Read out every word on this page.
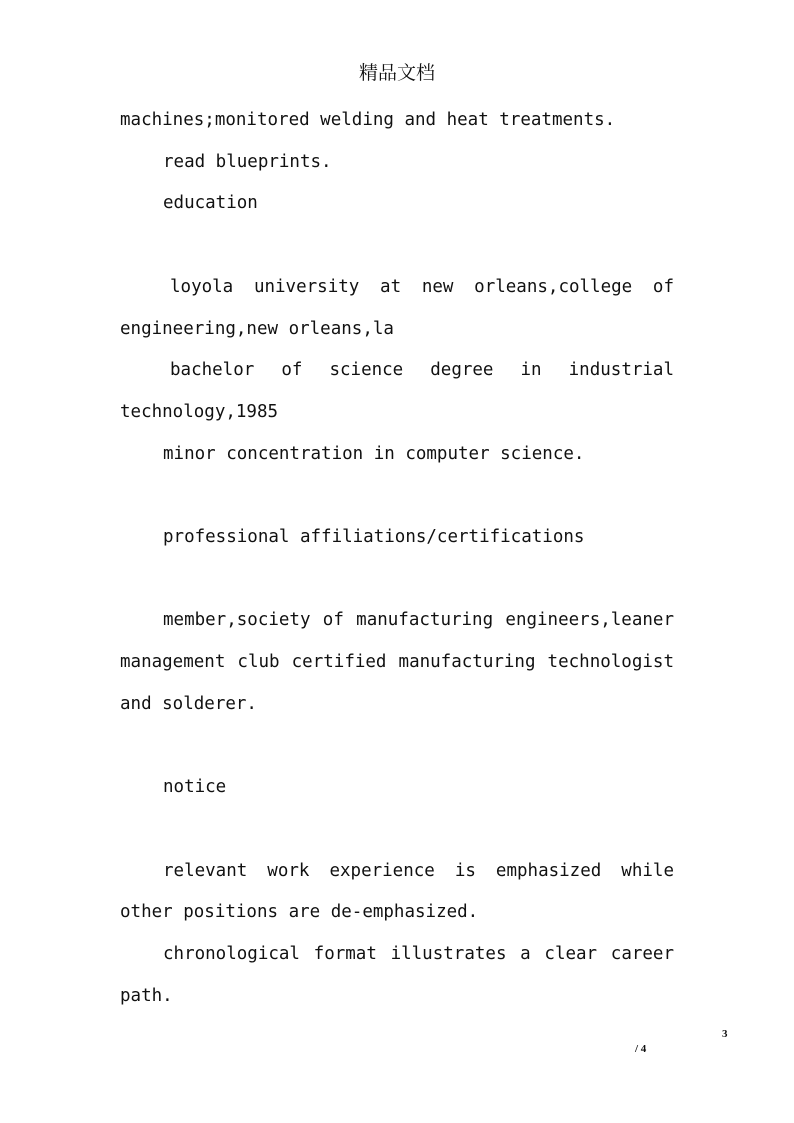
精品文档

machines;monitored welding and heat treatments.

read blueprints.

education

loyola university at new orleans,college of engineering,new orleans,la

bachelor of science degree in industrial technology,1985

minor concentration in computer science.

professional affiliations/certifications

member,society of manufacturing engineers,leaner management club certified manufacturing technologist and solderer.

notice

relevant work experience is emphasized while other positions are de-emphasized.

chronological format illustrates a clear career path.

3
/ 4
